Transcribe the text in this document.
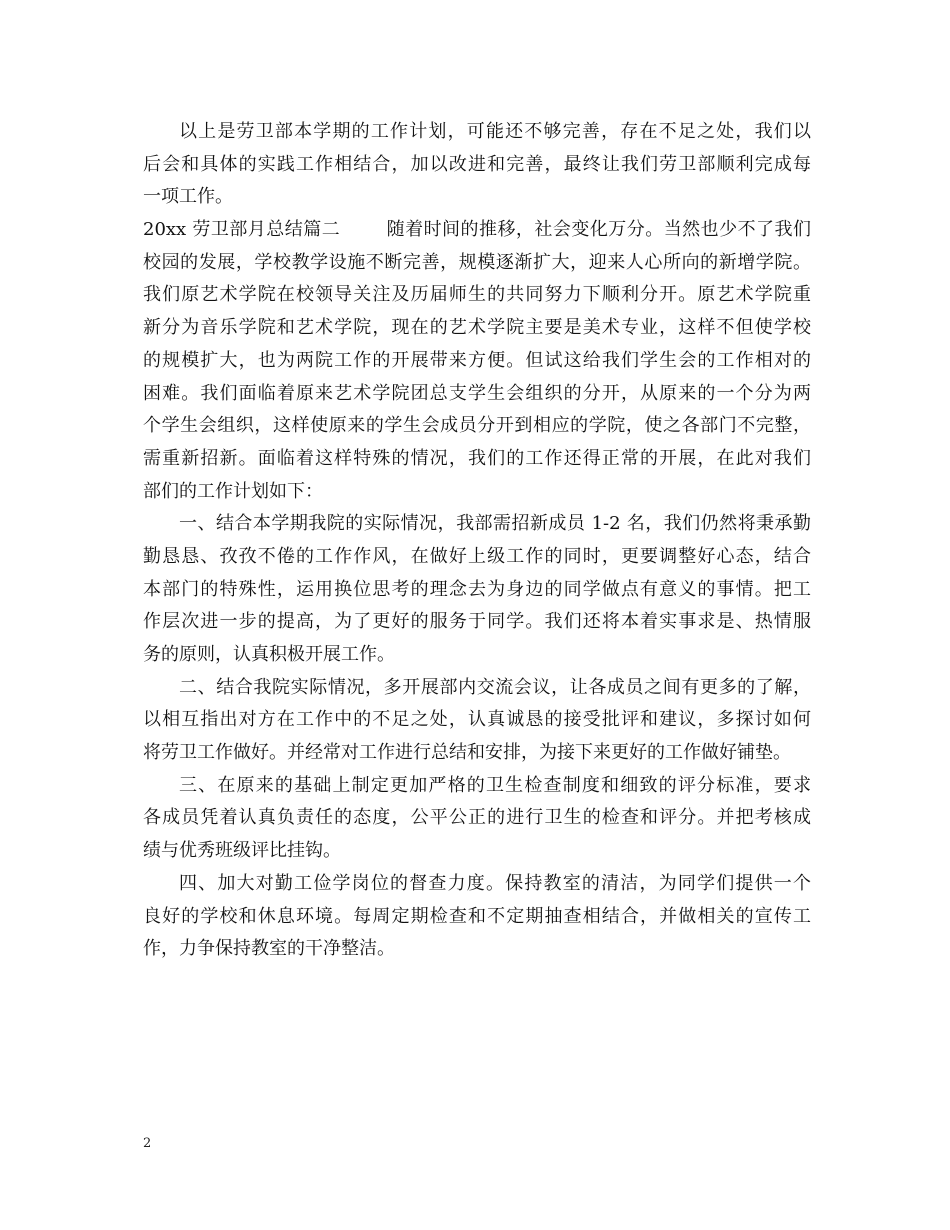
以上是劳卫部本学期的工作计划，可能还不够完善，存在不足之处，我们以
后会和具体的实践工作相结合，加以改进和完善，最终让我们劳卫部顺利完成每
一项工作。
20xx 劳卫部月总结篇二	随着时间的推移，社会变化万分。当然也少不了我们
校园的发展，学校教学设施不断完善，规模逐渐扩大，迎来人心所向的新增学院。
我们原艺术学院在校领导关注及历届师生的共同努力下顺利分开。原艺术学院重
新分为音乐学院和艺术学院，现在的艺术学院主要是美术专业，这样不但使学校
的规模扩大，也为两院工作的开展带来方便。但试这给我们学生会的工作相对的
困难。我们面临着原来艺术学院团总支学生会组织的分开，从原来的一个分为两
个学生会组织，这样使原来的学生会成员分开到相应的学院，使之各部门不完整，
需重新招新。面临着这样特殊的情况，我们的工作还得正常的开展，在此对我们
部们的工作计划如下：
一、结合本学期我院的实际情况，我部需招新成员 1-2 名，我们仍然将秉承勤
勤恳恳、孜孜不倦的工作作风，在做好上级工作的同时，更要调整好心态，结合
本部门的特殊性，运用换位思考的理念去为身边的同学做点有意义的事情。把工
作层次进一步的提高，为了更好的服务于同学。我们还将本着实事求是、热情服
务的原则，认真积极开展工作。
二、结合我院实际情况，多开展部内交流会议，让各成员之间有更多的了解，
以相互指出对方在工作中的不足之处，认真诚恳的接受批评和建议，多探讨如何
将劳卫工作做好。并经常对工作进行总结和安排，为接下来更好的工作做好铺垫。
三、在原来的基础上制定更加严格的卫生检查制度和细致的评分标准，要求
各成员凭着认真负责任的态度，公平公正的进行卫生的检查和评分。并把考核成
绩与优秀班级评比挂钩。
四、加大对勤工俭学岗位的督查力度。保持教室的清洁，为同学们提供一个
良好的学校和休息环境。每周定期检查和不定期抽查相结合，并做相关的宣传工
作，力争保持教室的干净整洁。
2
